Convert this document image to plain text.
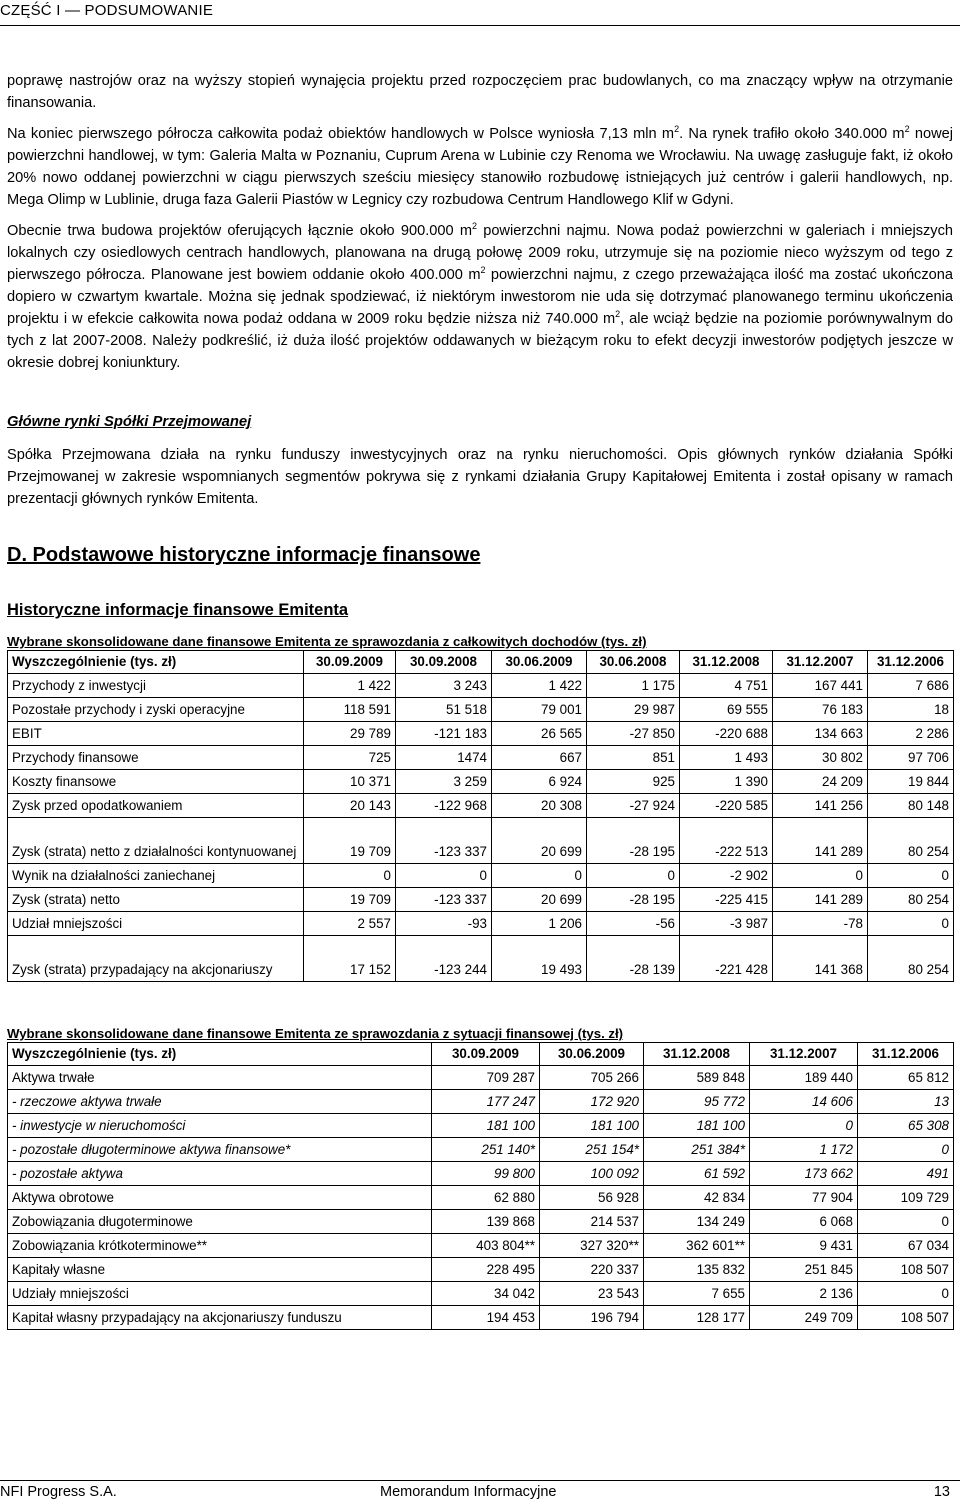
CZĘŚĆ I — PODSUMOWANIE

poprawę nastrojów oraz na wyższy stopień wynajęcia projektu przed rozpoczęciem prac budowlanych, co ma znaczący wpływ na otrzymanie finansowania.

Na koniec pierwszego półrocza całkowita podaż obiektów handlowych w Polsce wyniosła 7,13 mln $m^2$. Na rynek trafiło około 340.000 $m^2$ nowej powierzchni handlowej, w tym: Galeria Malta w Poznaniu, Cuprum Arena w Lubinie czy Renoma we Wrocławiu. Na uwagę zasługuje fakt, iż około 20% nowo oddanej powierzchni w ciągu pierwszych sześciu miesięcy stanowiło rozbudowę istniejących już centrów i galerii handlowych, np. Mega Olimp w Lublinie, druga faza Galerii Piastów w Legnicy czy rozbudowa Centrum Handlowego Klif w Gdyni.

Obecnie trwa budowa projektów oferujących łącznie około 900.000 $m^2$ powierzchni najmu. Nowa podaż powierzchni w galeriach i mniejszych lokalnych czy osiedlowych centrach handlowych, planowana na drugą połowę 2009 roku, utrzymuje się na poziomie nieco wyższym od tego z pierwszego półrocza. Planowane jest bowiem oddanie około 400.000 $m^2$ powierzchni najmu, z czego przeważająca ilość ma zostać ukończona dopiero w czwartym kwartale. Można się jednak spodziewać, iż niektórym inwestorom nie uda się dotrzymać planowanego terminu ukończenia projektu i w efekcie całkowita nowa podaż oddana w 2009 roku będzie niższa niż 740.000 $m^2$, ale wciąż będzie na poziomie porównywalnym do tych z lat 2007-2008. Należy podkreślić, iż duża ilość projektów oddawanych w bieżącym roku to efekt decyzji inwestorów podjętych jeszcze w okresie dobrej koniunktury.

Główne rynki Spółki Przejmowanej

Spółka Przejmowana działa na rynku funduszy inwestycyjnych oraz na rynku nieruchomości. Opis głównych rynków działania Spółki Przejmowanej w zakresie wspomnianych segmentów pokrywa się z rynkami działania Grupy Kapitałowej Emitenta i został opisany w ramach prezentacji głównych rynków Emitenta.

D. Podstawowe historyczne informacje finansowe
Historyczne informacje finansowe Emitenta
Wybrane skonsolidowane dane finansowe Emitenta ze sprawozdania z całkowitych dochodów (tys. zł)
Wyszczególnienie (tys. zł)	30.09.2009	30.09.2008	30.06.2009	30.06.2008	31.12.2008	31.12.2007	31.12.2006
Przychody z inwestycji	1 422	3 243	1 422	1 175	4 751	167 441	7 686
Pozostałe przychody i zyski operacyjne	118 591	51 518	79 001	29 987	69 555	76 183	18
EBIT	29 789	-121 183	26 565	-27 850	-220 688	134 663	2 286
Przychody finansowe	725	1474	667	851	1 493	30 802	97 706
Koszty finansowe	10 371	3 259	6 924	925	1 390	24 209	19 844
Zysk przed opodatkowaniem	20 143	-122 968	20 308	-27 924	-220 585	141 256	80 148
Zysk (strata) netto z działalności kontynuowanej	19 709	-123 337	20 699	-28 195	-222 513	141 289	80 254
Wynik na działalności zaniechanej	0	0	0	0	-2 902	0	0
Zysk (strata) netto	19 709	-123 337	20 699	-28 195	-225 415	141 289	80 254
Udział mniejszości	2 557	-93	1 206	-56	-3 987	-78	0
Zysk (strata) przypadający na akcjonariuszy	17 152	-123 244	19 493	-28 139	-221 428	141 368	80 254
Wybrane skonsolidowane dane finansowe Emitenta ze sprawozdania z sytuacji finansowej (tys. zł)
Wyszczególnienie (tys. zł)	30.09.2009	30.06.2009	31.12.2008	31.12.2007	31.12.2006
Aktywa trwałe	709 287	705 266	589 848	189 440	65 812
- rzeczowe aktywa trwałe	177 247	172 920	95 772	14 606	13
- inwestycje w nieruchomości	181 100	181 100	181 100	0	65 308
- pozostałe długoterminowe aktywa finansowe*	251 140*	251 154*	251 384*	1 172	0
- pozostałe aktywa	99 800	100 092	61 592	173 662	491
Aktywa obrotowe	62 880	56 928	42 834	77 904	109 729
Zobowiązania długoterminowe	139 868	214 537	134 249	6 068	0
Zobowiązania krótkoterminowe**	403 804**	327 320**	362 601**	9 431	67 034
Kapitały własne	228 495	220 337	135 832	251 845	108 507
Udziały mniejszości	34 042	23 543	7 655	2 136	0
Kapitał własny przypadający na akcjonariuszy funduszu	194 453	196 794	128 177	249 709	108 507
NFI Progress S.A.	Memorandum Informacyjne	13
